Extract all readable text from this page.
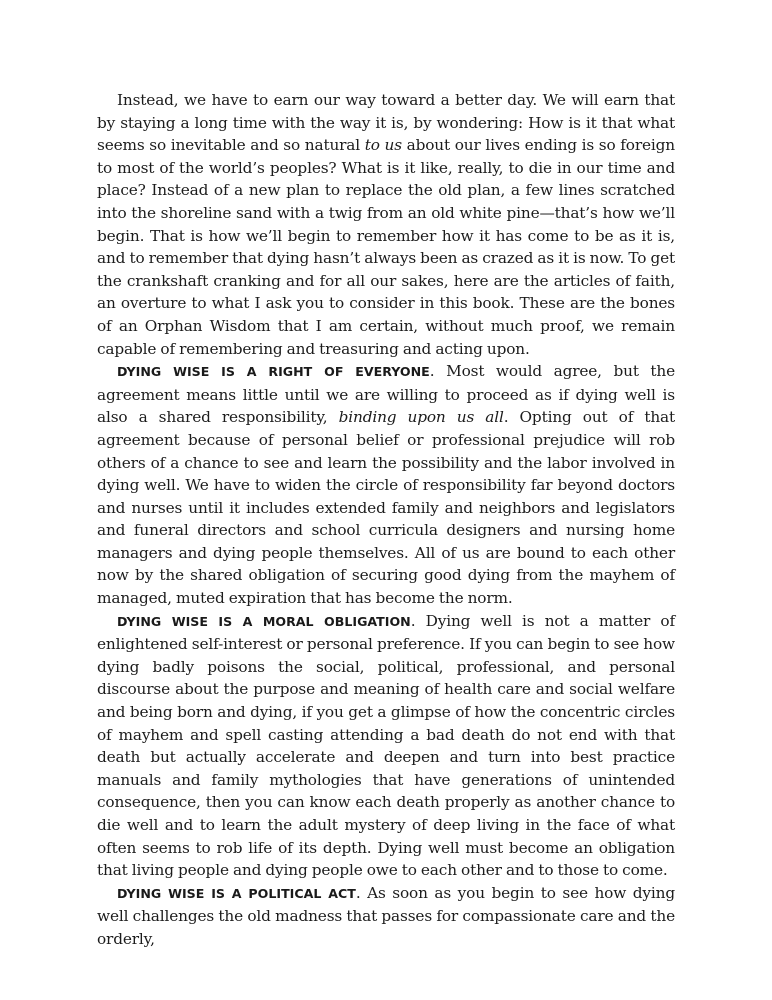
Instead, we have to earn our way toward a better day. We will earn that by staying a long time with the way it is, by wondering: How is it that what seems so inevitable and so natural to us about our lives ending is so foreign to most of the world’s peoples? What is it like, really, to die in our time and place? Instead of a new plan to replace the old plan, a few lines scratched into the shoreline sand with a twig from an old white pine—that’s how we’ll begin. That is how we’ll begin to remember how it has come to be as it is, and to remember that dying hasn’t always been as crazed as it is now. To get the crankshaft cranking and for all our sakes, here are the articles of faith, an overture to what I ask you to consider in this book. These are the bones of an Orphan Wisdom that I am certain, without much proof, we remain capable of remembering and treasuring and acting upon.

DYING WISE IS A RIGHT OF EVERYONE. Most would agree, but the agreement means little until we are willing to proceed as if dying well is also a shared responsibility, binding upon us all. Opting out of that agreement because of personal belief or professional prejudice will rob others of a chance to see and learn the possibility and the labor involved in dying well. We have to widen the circle of responsibility far beyond doctors and nurses until it includes extended family and neighbors and legislators and funeral directors and school curricula designers and nursing home managers and dying people themselves. All of us are bound to each other now by the shared obligation of securing good dying from the mayhem of managed, muted expiration that has become the norm.

DYING WISE IS A MORAL OBLIGATION. Dying well is not a matter of enlightened self-interest or personal preference. If you can begin to see how dying badly poisons the social, political, professional, and personal discourse about the purpose and meaning of health care and social welfare and being born and dying, if you get a glimpse of how the concentric circles of mayhem and spell casting attending a bad death do not end with that death but actually accelerate and deepen and turn into best practice manuals and family mythologies that have generations of unintended consequence, then you can know each death properly as another chance to die well and to learn the adult mystery of deep living in the face of what often seems to rob life of its depth. Dying well must become an obligation that living people and dying people owe to each other and to those to come.

DYING WISE IS A POLITICAL ACT. As soon as you begin to see how dying well challenges the old madness that passes for compassionate care and the orderly,
